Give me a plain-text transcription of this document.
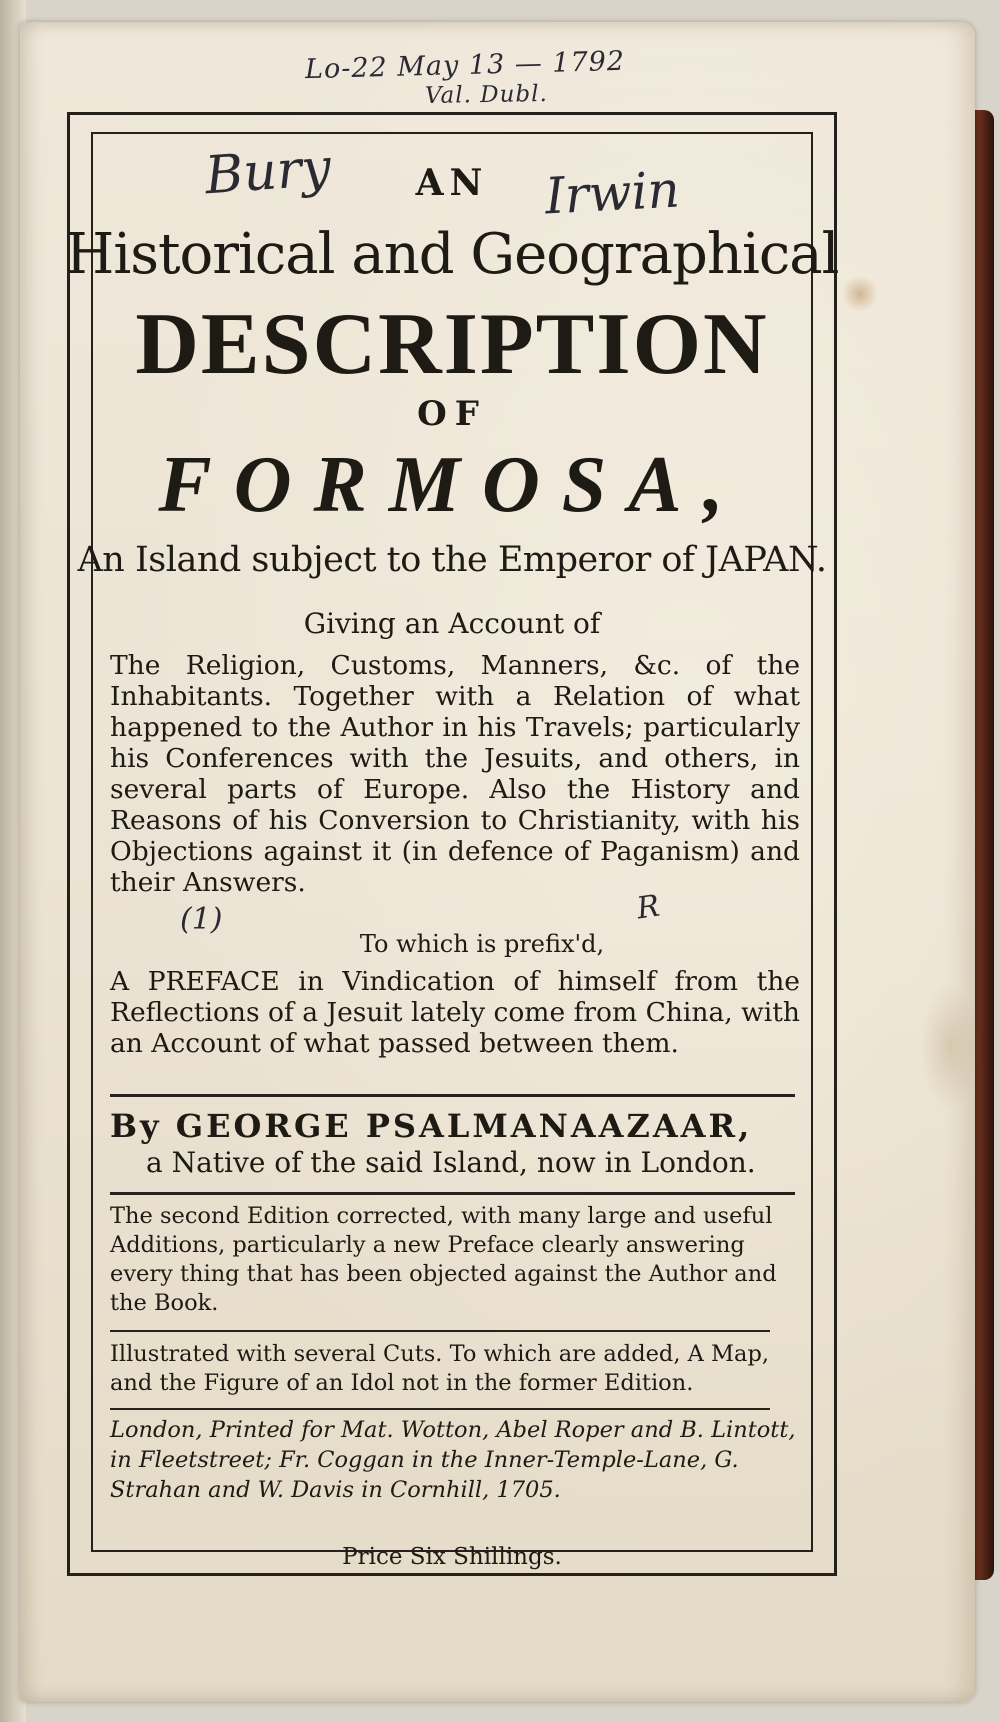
Lo-22 May 13 — 1792
Val. Dubl.
Bury	Irwin
AN
Historical and Geographical
DESCRIPTION
OF
FORMOSA,
An Island subject to the Emperor of JAPAN.
Giving an Account of
The Religion, Customs, Manners, &c. of the Inhabitants. Together with a Relation of what happened to the Author in his Travels; particularly his Conferences with the Jesuits, and others, in several parts of Europe. Also the History and Reasons of his Conversion to Christianity, with his Objections against it (in defence of Paganism) and their Answers.
(1)	R
To which is prefix'd,
A PREFACE in Vindication of himself from the Reflections of a Jesuit lately come from China, with an Account of what passed between them.
By GEORGE PSALMANAAZAAR,
a Native of the said Island, now in London.
The second Edition corrected, with many large and useful Additions, particularly a new Preface clearly answering every thing that has been objected against the Author and the Book.
Illustrated with several Cuts. To which are added, A Map, and the Figure of an Idol not in the former Edition.
London, Printed for Mat. Wotton, Abel Roper and B. Lintott, in Fleetstreet; Fr. Coggan in the Inner-Temple-Lane, G. Strahan and W. Davis in Cornhill, 1705.
Price Six Shillings.
